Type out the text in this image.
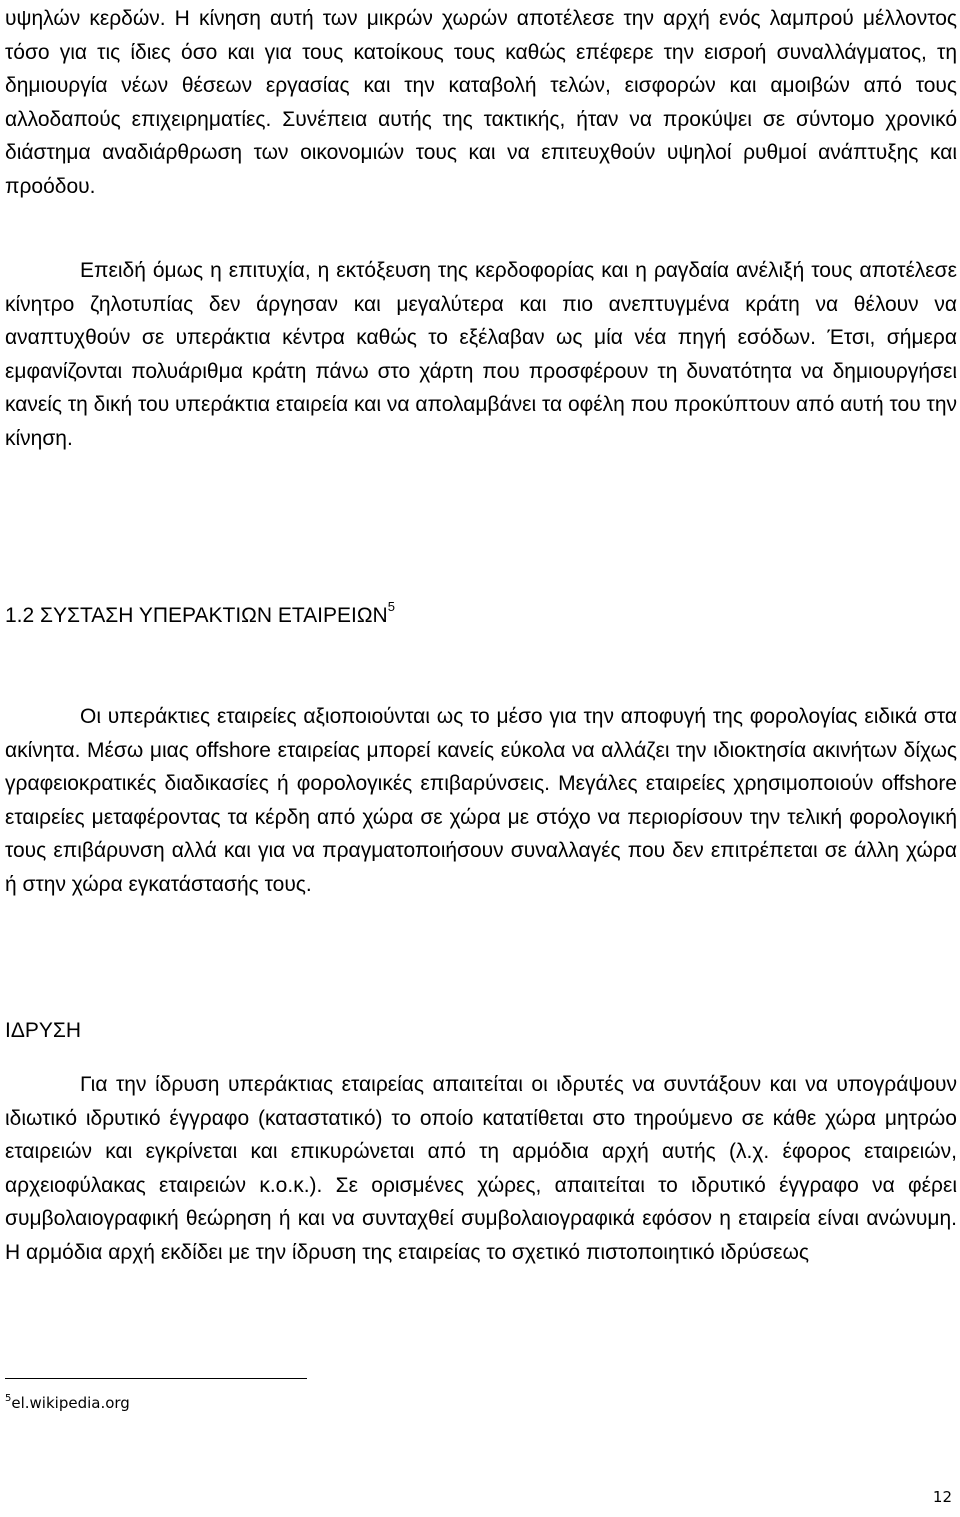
υψηλών κερδών. Η κίνηση αυτή των μικρών χωρών αποτέλεσε την αρχή ενός λαμπρού μέλλοντος τόσο για τις ίδιες όσο και για τους κατοίκους τους καθώς επέφερε την εισροή συναλλάγματος, τη δημιουργία νέων θέσεων εργασίας και την καταβολή τελών, εισφορών και αμοιβών από τους αλλοδαπούς επιχειρηματίες. Συνέπεια αυτής της τακτικής, ήταν να προκύψει σε σύντομο χρονικό διάστημα αναδιάρθρωση των οικονομιών τους και να επιτευχθούν υψηλοί ρυθμοί ανάπτυξης και προόδου.

Επειδή όμως η επιτυχία, η εκτόξευση της κερδοφορίας και η ραγδαία ανέλιξή τους αποτέλεσε κίνητρο ζηλοτυπίας δεν άργησαν και μεγαλύτερα και πιο ανεπτυγμένα κράτη να θέλουν να αναπτυχθούν σε υπεράκτια κέντρα καθώς το εξέλαβαν ως μία νέα πηγή εσόδων. Έτσι, σήμερα εμφανίζονται πολυάριθμα κράτη πάνω στο χάρτη που προσφέρουν τη δυνατότητα να δημιουργήσει κανείς τη δική του υπεράκτια εταιρεία και να απολαμβάνει τα οφέλη που προκύπτουν από αυτή του την κίνηση.

1.2 ΣΥΣΤΑΣΗ ΥΠΕΡΑΚΤΙΩΝ ΕΤΑΙΡΕΙΩΝ$^5$

Οι υπεράκτιες εταιρείες αξιοποιούνται ως το μέσο για την αποφυγή της φορολογίας ειδικά στα ακίνητα. Μέσω μιας offshore εταιρείας μπορεί κανείς εύκολα να αλλάζει την ιδιοκτησία ακινήτων δίχως γραφειοκρατικές διαδικασίες ή φορολογικές επιβαρύνσεις. Μεγάλες εταιρείες χρησιμοποιούν offshore εταιρείες μεταφέροντας τα κέρδη από χώρα σε χώρα με στόχο να περιορίσουν την τελική φορολογική τους επιβάρυνση αλλά και για να πραγματοποιήσουν συναλλαγές που δεν επιτρέπεται σε άλλη χώρα ή στην χώρα εγκατάστασής τους.

ΙΔΡΥΣΗ

Για την ίδρυση υπεράκτιας εταιρείας απαιτείται οι ιδρυτές να συντάξουν και να υπογράψουν ιδιωτικό ιδρυτικό έγγραφο (καταστατικό) το οποίο κατατίθεται στο τηρούμενο σε κάθε χώρα μητρώο εταιρειών και εγκρίνεται και επικυρώνεται από τη αρμόδια αρχή αυτής (λ.χ. έφορος εταιρειών, αρχειοφύλακας εταιρειών κ.ο.κ.). Σε ορισμένες χώρες, απαιτείται το ιδρυτικό έγγραφο να φέρει συμβολαιογραφική θεώρηση ή και να συνταχθεί συμβολαιογραφικά εφόσον η εταιρεία είναι ανώνυμη. Η αρμόδια αρχή εκδίδει με την ίδρυση της εταιρείας το σχετικό πιστοποιητικό ιδρύσεως

$^5$el.wikipedia.org

12
